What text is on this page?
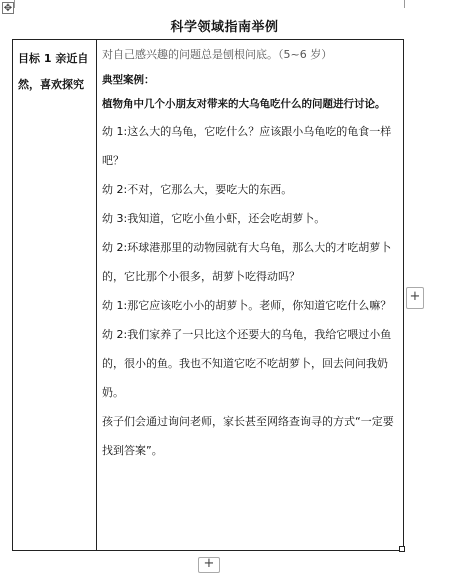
科学领域指南举例
✥
目标 1 亲近自然，喜欢探究
对自己感兴趣的问题总是刨根问底。（5~6 岁）
典型案例：
植物角中几个小朋友对带来的大乌龟吃什么的问题进行讨论。
幼 1:这么大的乌龟，它吃什么？应该跟小乌龟吃的龟食一样吧？
幼 2:不对，它那么大，要吃大的东西。
幼 3:我知道，它吃小鱼小虾，还会吃胡萝卜。
幼 2:环球港那里的动物园就有大乌龟，那么大的才吃胡萝卜的，它比那个小很多，胡萝卜吃得动吗？
幼 1:那它应该吃小小的胡萝卜。老师，你知道它吃什么嘛？
幼 2:我们家养了一只比这个还要大的乌龟，我给它喂过小鱼的，很小的鱼。我也不知道它吃不吃胡萝卜，回去问问我奶奶。
孩子们会通过询问老师，家长甚至网络查询寻的方式“一定要找到答案”。
+
+
